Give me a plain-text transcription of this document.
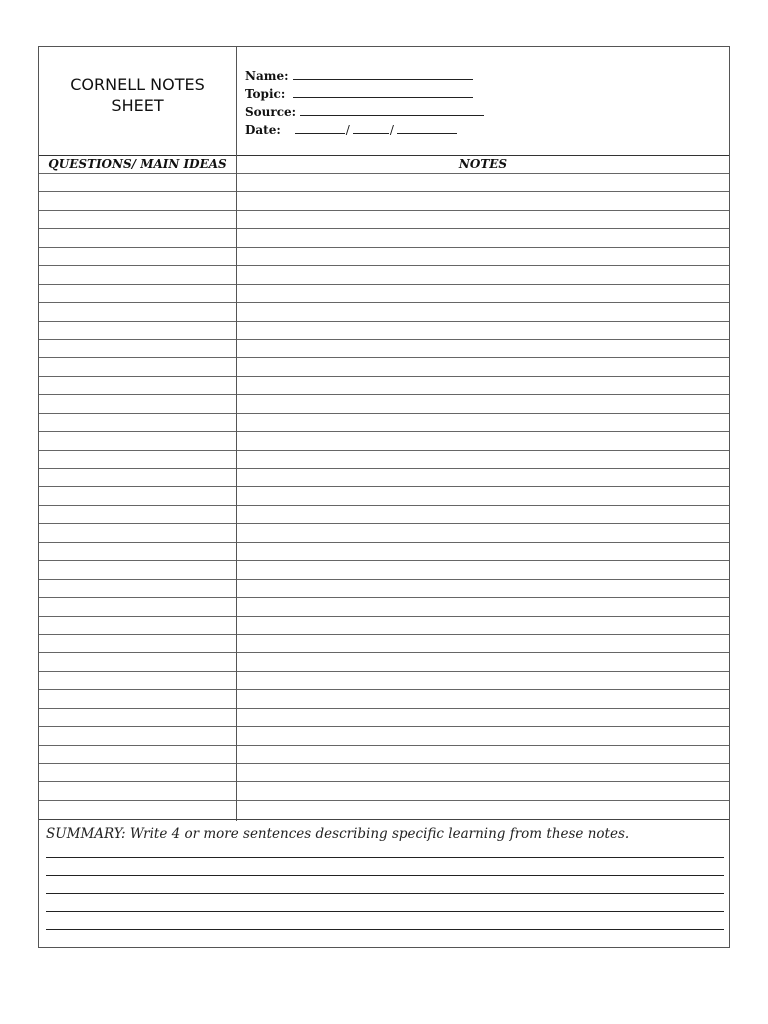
CORNELL NOTES SHEET
Name:
Topic:
Source:
Date:	/	/
QUESTIONS/ MAIN IDEAS	NOTES
SUMMARY: Write 4 or more sentences describing specific learning from these notes.
